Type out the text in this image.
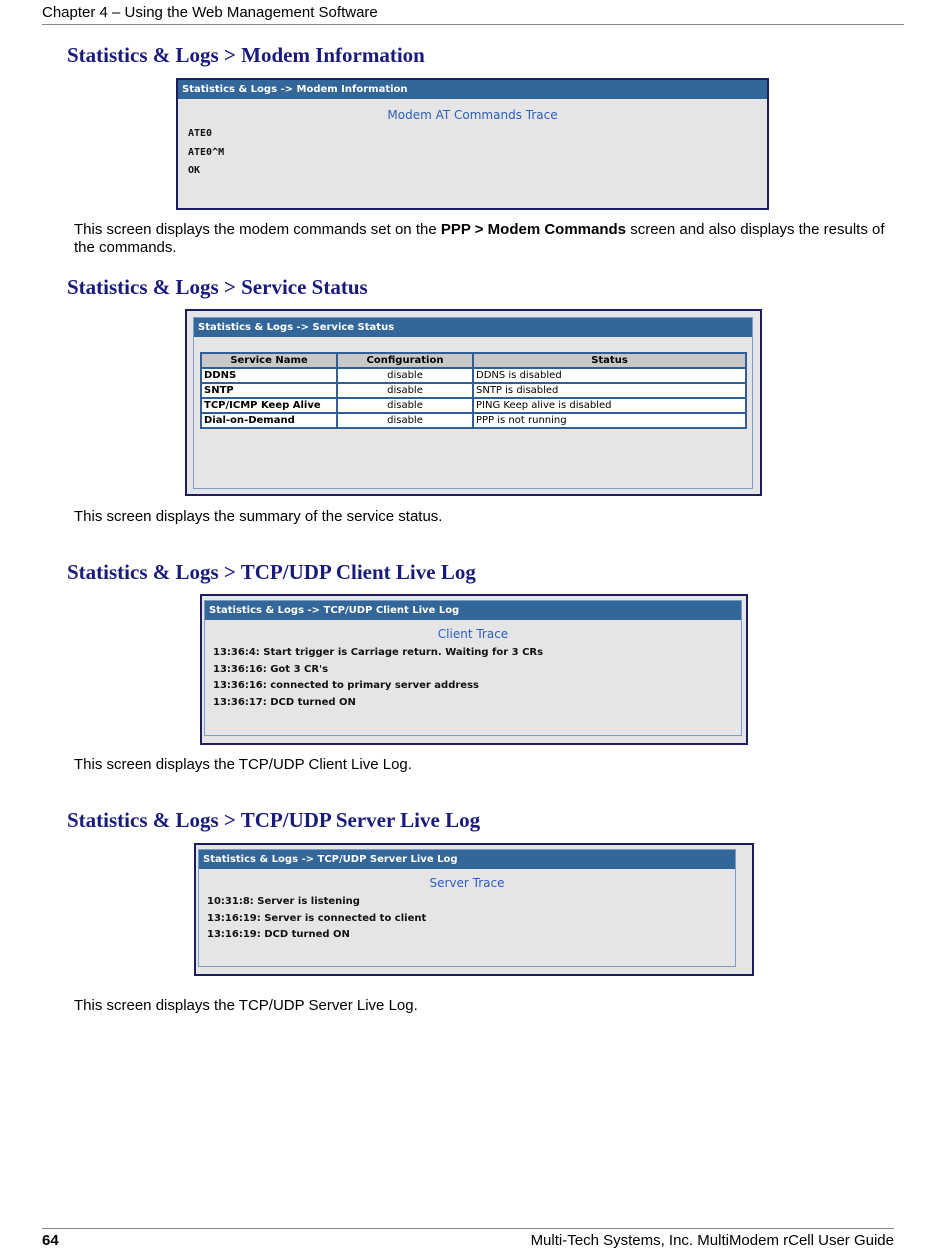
Chapter 4 – Using the Web Management Software
Statistics & Logs > Modem Information
Statistics & Logs -> Modem Information
Modem AT Commands Trace
ATE0
ATE0^M
OK

This screen displays the modem commands set on the PPP > Modem Commands screen and also displays the results of the commands.

Statistics & Logs > Service Status
Statistics & Logs -> Service Status
Service Name	Configuration	Status
DDNS	disable	DDNS is disabled
SNTP	disable	SNTP is disabled
TCP/ICMP Keep Alive	disable	PING Keep alive is disabled
Dial-on-Demand	disable	PPP is not running

This screen displays the summary of the service status.

Statistics & Logs > TCP/UDP Client Live Log
Statistics & Logs -> TCP/UDP Client Live Log
Client Trace
13:36:4: Start trigger is Carriage return. Waiting for 3 CRs
13:36:16: Got 3 CR's
13:36:16: connected to primary server address
13:36:17: DCD turned ON

This screen displays the TCP/UDP Client Live Log.

Statistics & Logs > TCP/UDP Server Live Log
Statistics & Logs -> TCP/UDP Server Live Log
Server Trace
10:31:8: Server is listening
13:16:19: Server is connected to client
13:16:19: DCD turned ON

This screen displays the TCP/UDP Server Live Log.

64	Multi-Tech Systems, Inc. MultiModem rCell User Guide
